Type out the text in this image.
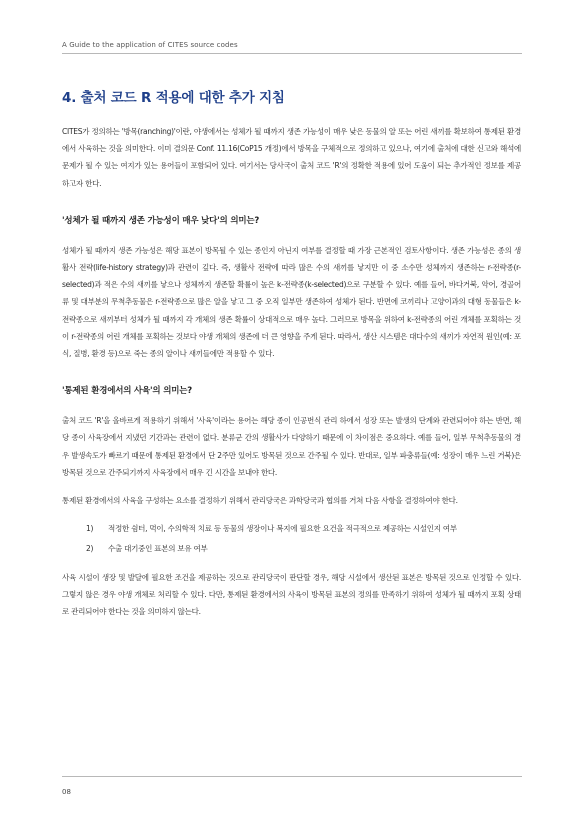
A Guide to the application of CITES source codes
4. 출처 코드 R 적용에 대한 추가 지침

CITES가 정의하는 '방목(ranching)'이란, 야생에서는 성체가 될 때까지 생존 가능성이 매우 낮은 동물의 알 또는 어린 새끼를 확보하여 통제된 환경에서 사육하는 것을 의미한다. 이미 결의문 Conf. 11.16(CoP15 개정)에서 방목을 구체적으로 정의하고 있으나, 여기에 출처에 대한 신고와 해석에 문제가 될 수 있는 여지가 있는 용어들이 포함되어 있다. 여기서는 당사국이 출처 코드 'R'의 정확한 적용에 있어 도움이 되는 추가적인 정보를 제공하고자 한다.

'성체가 될 때까지 생존 가능성이 매우 낮다'의 의미는?

성체가 될 때까지 생존 가능성은 해당 표본이 방목될 수 있는 종인지 아닌지 여부를 결정할 때 가장 근본적인 검토사항이다. 생존 가능성은 종의 생활사 전략(life-history strategy)과 관련이 깊다. 즉, 생활사 전략에 따라 많은 수의 새끼를 낳지만 이 중 소수만 성체까지 생존하는 r-전략종(r-selected)과 적은 수의 새끼를 낳으나 성체까지 생존할 확률이 높은 k-전략종(k-selected)으로 구분할 수 있다. 예를 들어, 바다거북, 악어, 경골어류 및 대부분의 무척추동물은 r-전략종으로 많은 알을 낳고 그 중 오직 일부만 생존하여 성체가 된다. 반면에 코끼리나 고양이과의 대형 동물들은 k-전략종으로 새끼부터 성체가 될 때까지 각 개체의 생존 확률이 상대적으로 매우 높다. 그러므로 방목을 위하여 k-전략종의 어린 개체를 포획하는 것이 r-전략종의 어린 개체를 포획하는 것보다 야생 개체의 생존에 더 큰 영향을 주게 된다. 따라서, 생산 시스템은 대다수의 새끼가 자연적 원인(예: 포식, 질병, 환경 등)으로 죽는 종의 알이나 새끼들에만 적용할 수 있다.

'통제된 환경에서의 사육'의 의미는?

출처 코드 'R'을 올바르게 적용하기 위해서 '사육'이라는 용어는 해당 종이 인공번식 관리 하에서 성장 또는 발생의 단계와 관련되어야 하는 반면, 해당 종이 사육장에서 지냈던 기간과는 관련이 없다. 분류군 간의 생활사가 다양하기 때문에 이 차이점은 중요하다. 예를 들어, 일부 무척추동물의 경우 발생속도가 빠르기 때문에 통제된 환경에서 단 2주만 있어도 방목된 것으로 간주될 수 있다. 반대로, 일부 파충류들(예: 성장이 매우 느린 거북)은 방목된 것으로 간주되기까지 사육장에서 매우 긴 시간을 보내야 한다.

통제된 환경에서의 사육을 구성하는 요소를 결정하기 위해서 관리당국은 과학당국과 협의를 거쳐 다음 사항을 결정하여야 한다.

1)	적정한 쉼터, 먹이, 수의학적 치료 등 동물의 생장이나 복지에 필요한 요건을 적극적으로 제공하는 시설인지 여부
2)	수출 대기중인 표본의 보유 여부

사육 시설이 생장 및 발달에 필요한 조건을 제공하는 것으로 관리당국이 판단할 경우, 해당 시설에서 생산된 표본은 방목된 것으로 인정할 수 있다. 그렇지 않은 경우 야생 개체로 처리할 수 있다. 다만, 통제된 환경에서의 사육이 방목된 표본의 정의를 만족하기 위하여 성체가 될 때까지 포획 상태로 관리되어야 한다는 것을 의미하지 않는다.

08
